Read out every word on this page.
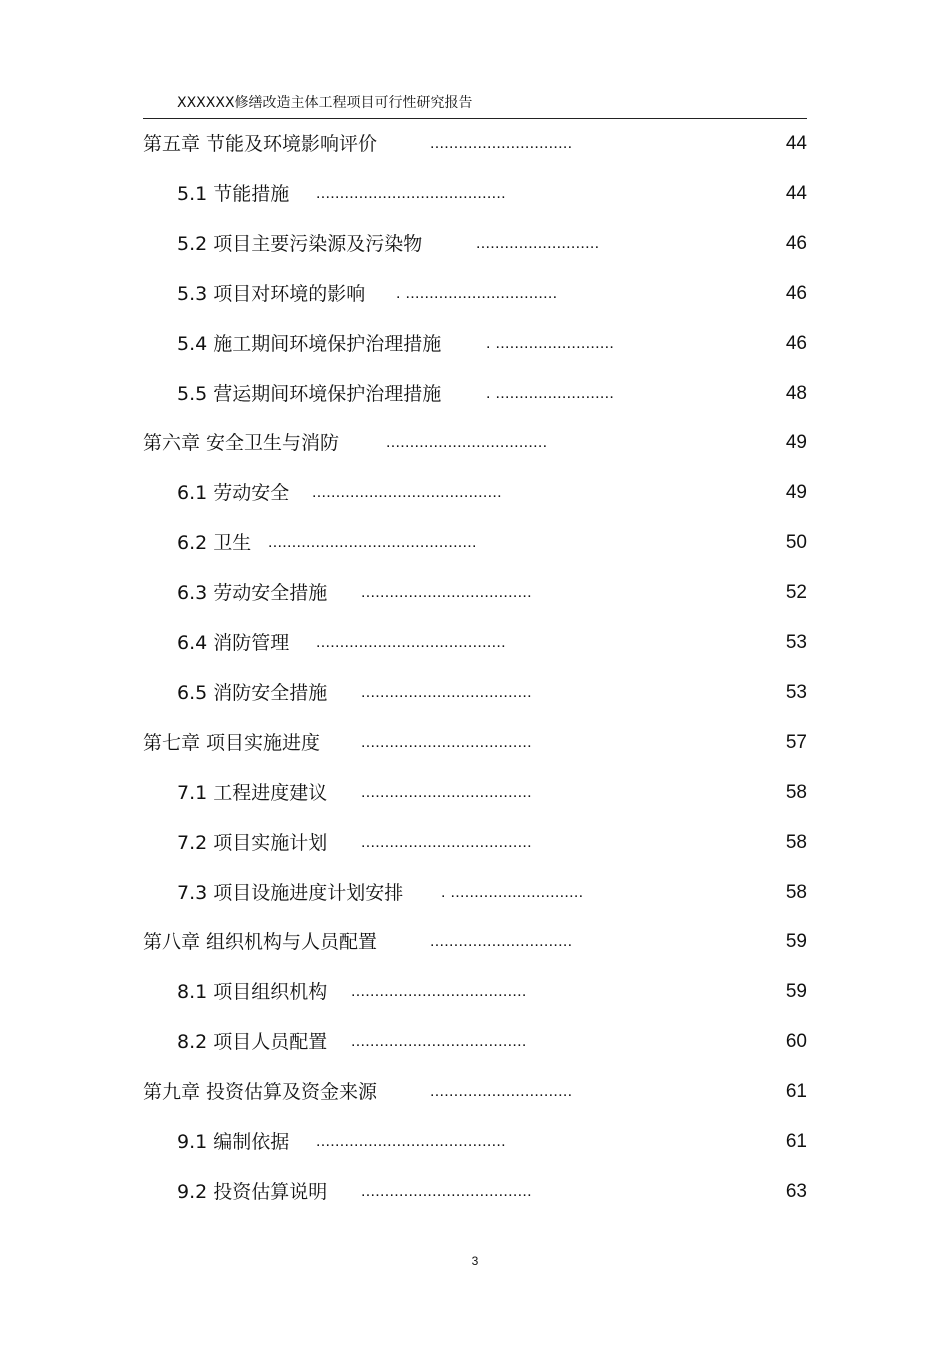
XXXXXX修缮改造主体工程项目可行性研究报告
第五章 节能及环境影响评价	..............................	44
5.1 节能措施 ........................................	44
5.2 项目主要污染源及污染物	..........................	46
5.3 项目对环境的影响 . ................................	46
5.4 施工期间环境保护治理措施	. .........................	46
5.5 营运期间环境保护治理措施	. .........................	48
第六章 安全卫生与消防	..................................	49
6.1 劳动安全 ........................................	49
6.2 卫生 ............................................	50
6.3 劳动安全措施 ....................................	52
6.4 消防管理 ........................................	53
6.5 消防安全措施 ....................................	53
第七章 项目实施进度	....................................	57
7.1 工程进度建议 ....................................	58
7.2 项目实施计划 ....................................	58
7.3 项目设施进度计划安排 . ............................	58
第八章 组织机构与人员配置	..............................	59
8.1 项目组织机构 .....................................	59
8.2 项目人员配置 .....................................	60
第九章 投资估算及资金来源	..............................	61
9.1 编制依据 ........................................	61
9.2 投资估算说明 ....................................	63
3
